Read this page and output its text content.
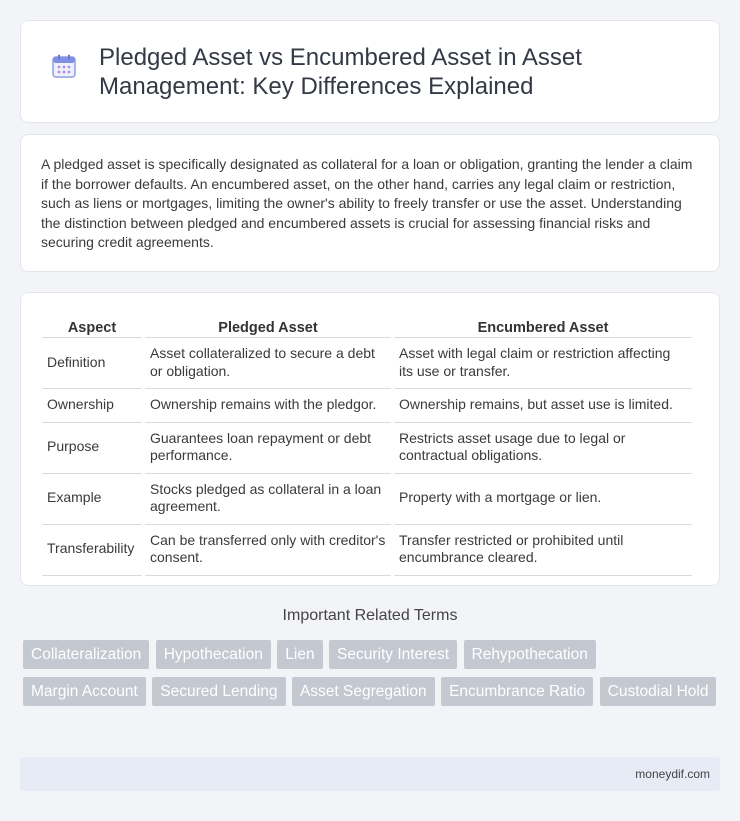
Pledged Asset vs Encumbered Asset in Asset Management: Key Differences Explained

A pledged asset is specifically designated as collateral for a loan or obligation, granting the lender a claim if the borrower defaults. An encumbered asset, on the other hand, carries any legal claim or restriction, such as liens or mortgages, limiting the owner's ability to freely transfer or use the asset. Understanding the distinction between pledged and encumbered assets is crucial for assessing financial risks and securing credit agreements.

Aspect	Pledged Asset	Encumbered Asset
Definition	Asset collateralized to secure a debt or obligation.	Asset with legal claim or restriction affecting its use or transfer.
Ownership	Ownership remains with the pledgor.	Ownership remains, but asset use is limited.
Purpose	Guarantees loan repayment or debt performance.	Restricts asset usage due to legal or contractual obligations.
Example	Stocks pledged as collateral in a loan agreement.	Property with a mortgage or lien.
Transferability	Can be transferred only with creditor's consent.	Transfer restricted or prohibited until encumbrance cleared.
Important Related Terms
Collateralization Hypothecation Lien Security Interest Rehypothecation Margin Account Secured Lending Asset Segregation Encumbrance Ratio Custodial Hold
moneydif.com
